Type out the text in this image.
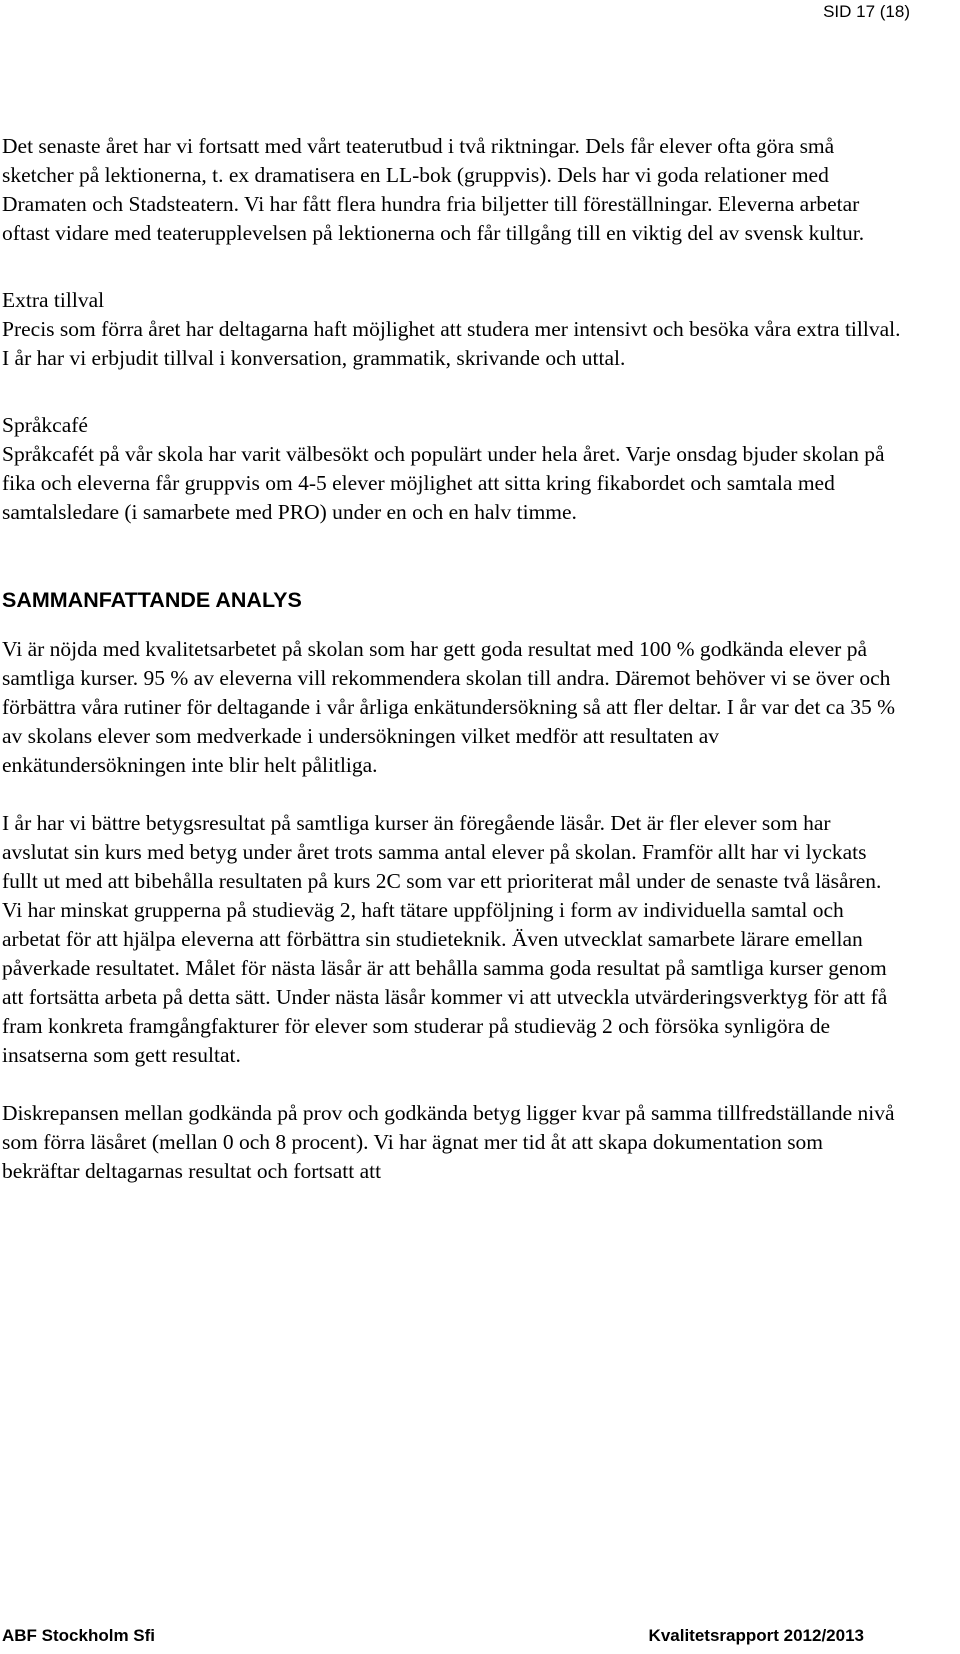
SID 17 (18)

Det senaste året har vi fortsatt med vårt teaterutbud i två riktningar. Dels får elever ofta göra små sketcher på lektionerna, t. ex dramatisera en LL-bok (gruppvis). Dels har vi goda relationer med Dramaten och Stadsteatern. Vi har fått flera hundra fria biljetter till föreställningar. Eleverna arbetar oftast vidare med teaterupplevelsen på lektionerna och får tillgång till en viktig del av svensk kultur.

Extra tillval

Precis som förra året har deltagarna haft möjlighet att studera mer intensivt och besöka våra extra tillval. I år har vi erbjudit tillval i konversation, grammatik, skrivande och uttal.

Språkcafé

Språkcafét på vår skola har varit välbesökt och populärt under hela året. Varje onsdag bjuder skolan på fika och eleverna får gruppvis om 4-5 elever möjlighet att sitta kring fikabordet och samtala med samtalsledare (i samarbete med PRO) under en och en halv timme.

SAMMANFATTANDE ANALYS

Vi är nöjda med kvalitetsarbetet på skolan som har gett goda resultat med 100 % godkända elever på samtliga kurser. 95 % av eleverna vill rekommendera skolan till andra. Däremot behöver vi se över och förbättra våra rutiner för deltagande i vår årliga enkätundersökning så att fler deltar. I år var det ca 35 % av skolans elever som medverkade i undersökningen vilket medför att resultaten av enkätundersökningen inte blir helt pålitliga.

I år har vi bättre betygsresultat på samtliga kurser än föregående läsår. Det är fler elever som har avslutat sin kurs med betyg under året trots samma antal elever på skolan. Framför allt har vi lyckats fullt ut med att bibehålla resultaten på kurs 2C som var ett prioriterat mål under de senaste två läsåren. Vi har minskat grupperna på studieväg 2, haft tätare uppföljning i form av individuella samtal och arbetat för att hjälpa eleverna att förbättra sin studieteknik. Även utvecklat samarbete lärare emellan påverkade resultatet. Målet för nästa läsår är att behålla samma goda resultat på samtliga kurser genom att fortsätta arbeta på detta sätt. Under nästa läsår kommer vi att utveckla utvärderingsverktyg för att få fram konkreta framgångfakturer för elever som studerar på studieväg 2 och försöka synligöra de insatserna som gett resultat.

Diskrepansen mellan godkända på prov och godkända betyg ligger kvar på samma tillfredställande nivå som förra läsåret (mellan 0 och 8 procent). Vi har ägnat mer tid åt att skapa dokumentation som bekräftar deltagarnas resultat och fortsatt att

ABF Stockholm Sfi	Kvalitetsrapport 2012/2013
